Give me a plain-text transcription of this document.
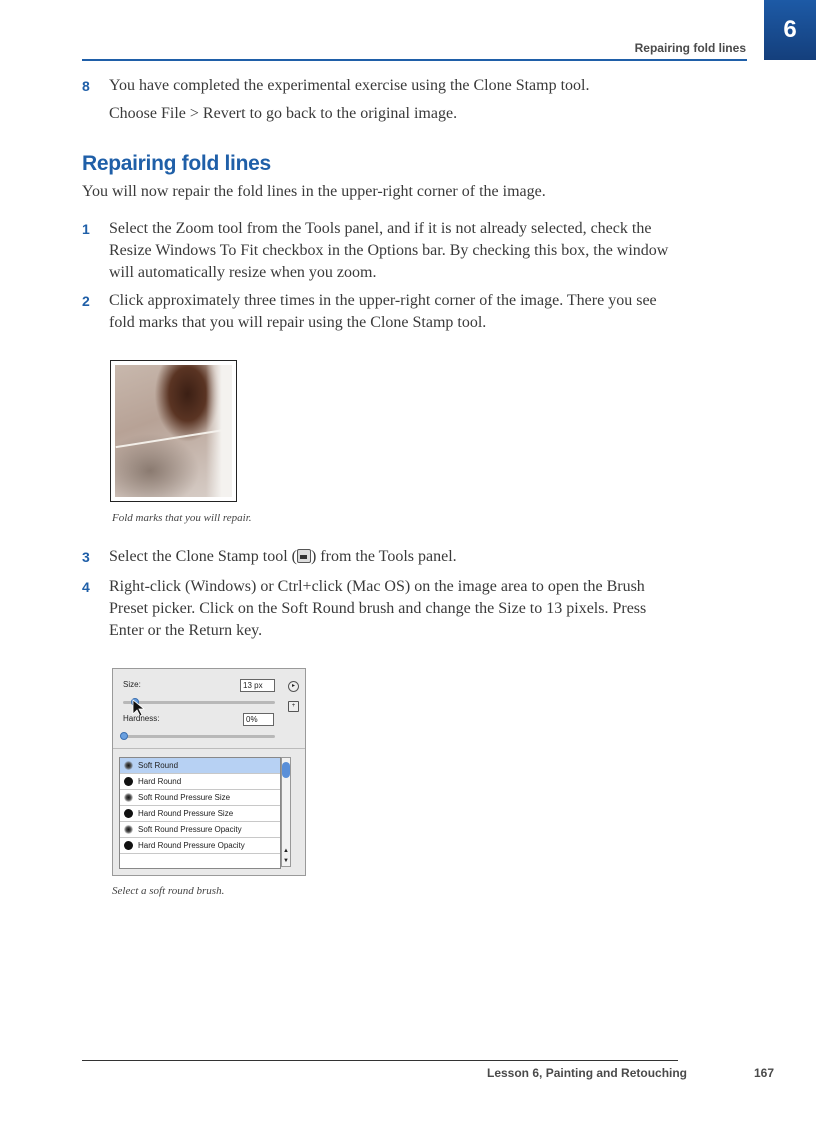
Repairing fold lines
6
8	You have completed the experimental exercise using the Clone Stamp tool.
Choose File > Revert to go back to the original image.
Repairing fold lines
You will now repair the fold lines in the upper-right corner of the image.
1	Select the Zoom tool from the Tools panel, and if it is not already selected, check the Resize Windows To Fit checkbox in the Options bar. By checking this box, the window will automatically resize when you zoom.
2	Click approximately three times in the upper-right corner of the image. There you see fold marks that you will repair using the Clone Stamp tool.
Fold marks that you will repair.
3	Select the Clone Stamp tool ( ) from the Tools panel.
4	Right-click (Windows) or Ctrl+click (Mac OS) on the image area to open the Brush Preset picker. Click on the Soft Round brush and change the Size to 13 pixels. Press Enter or the Return key.
Size:	13 px	▸
+
Hardness:	0%
Soft Round
Hard Round
Soft Round Pressure Size
Hard Round Pressure Size
Soft Round Pressure Opacity
Hard Round Pressure Opacity
▲
▼
Select a soft round brush.
Lesson 6, Painting and Retouching	167
